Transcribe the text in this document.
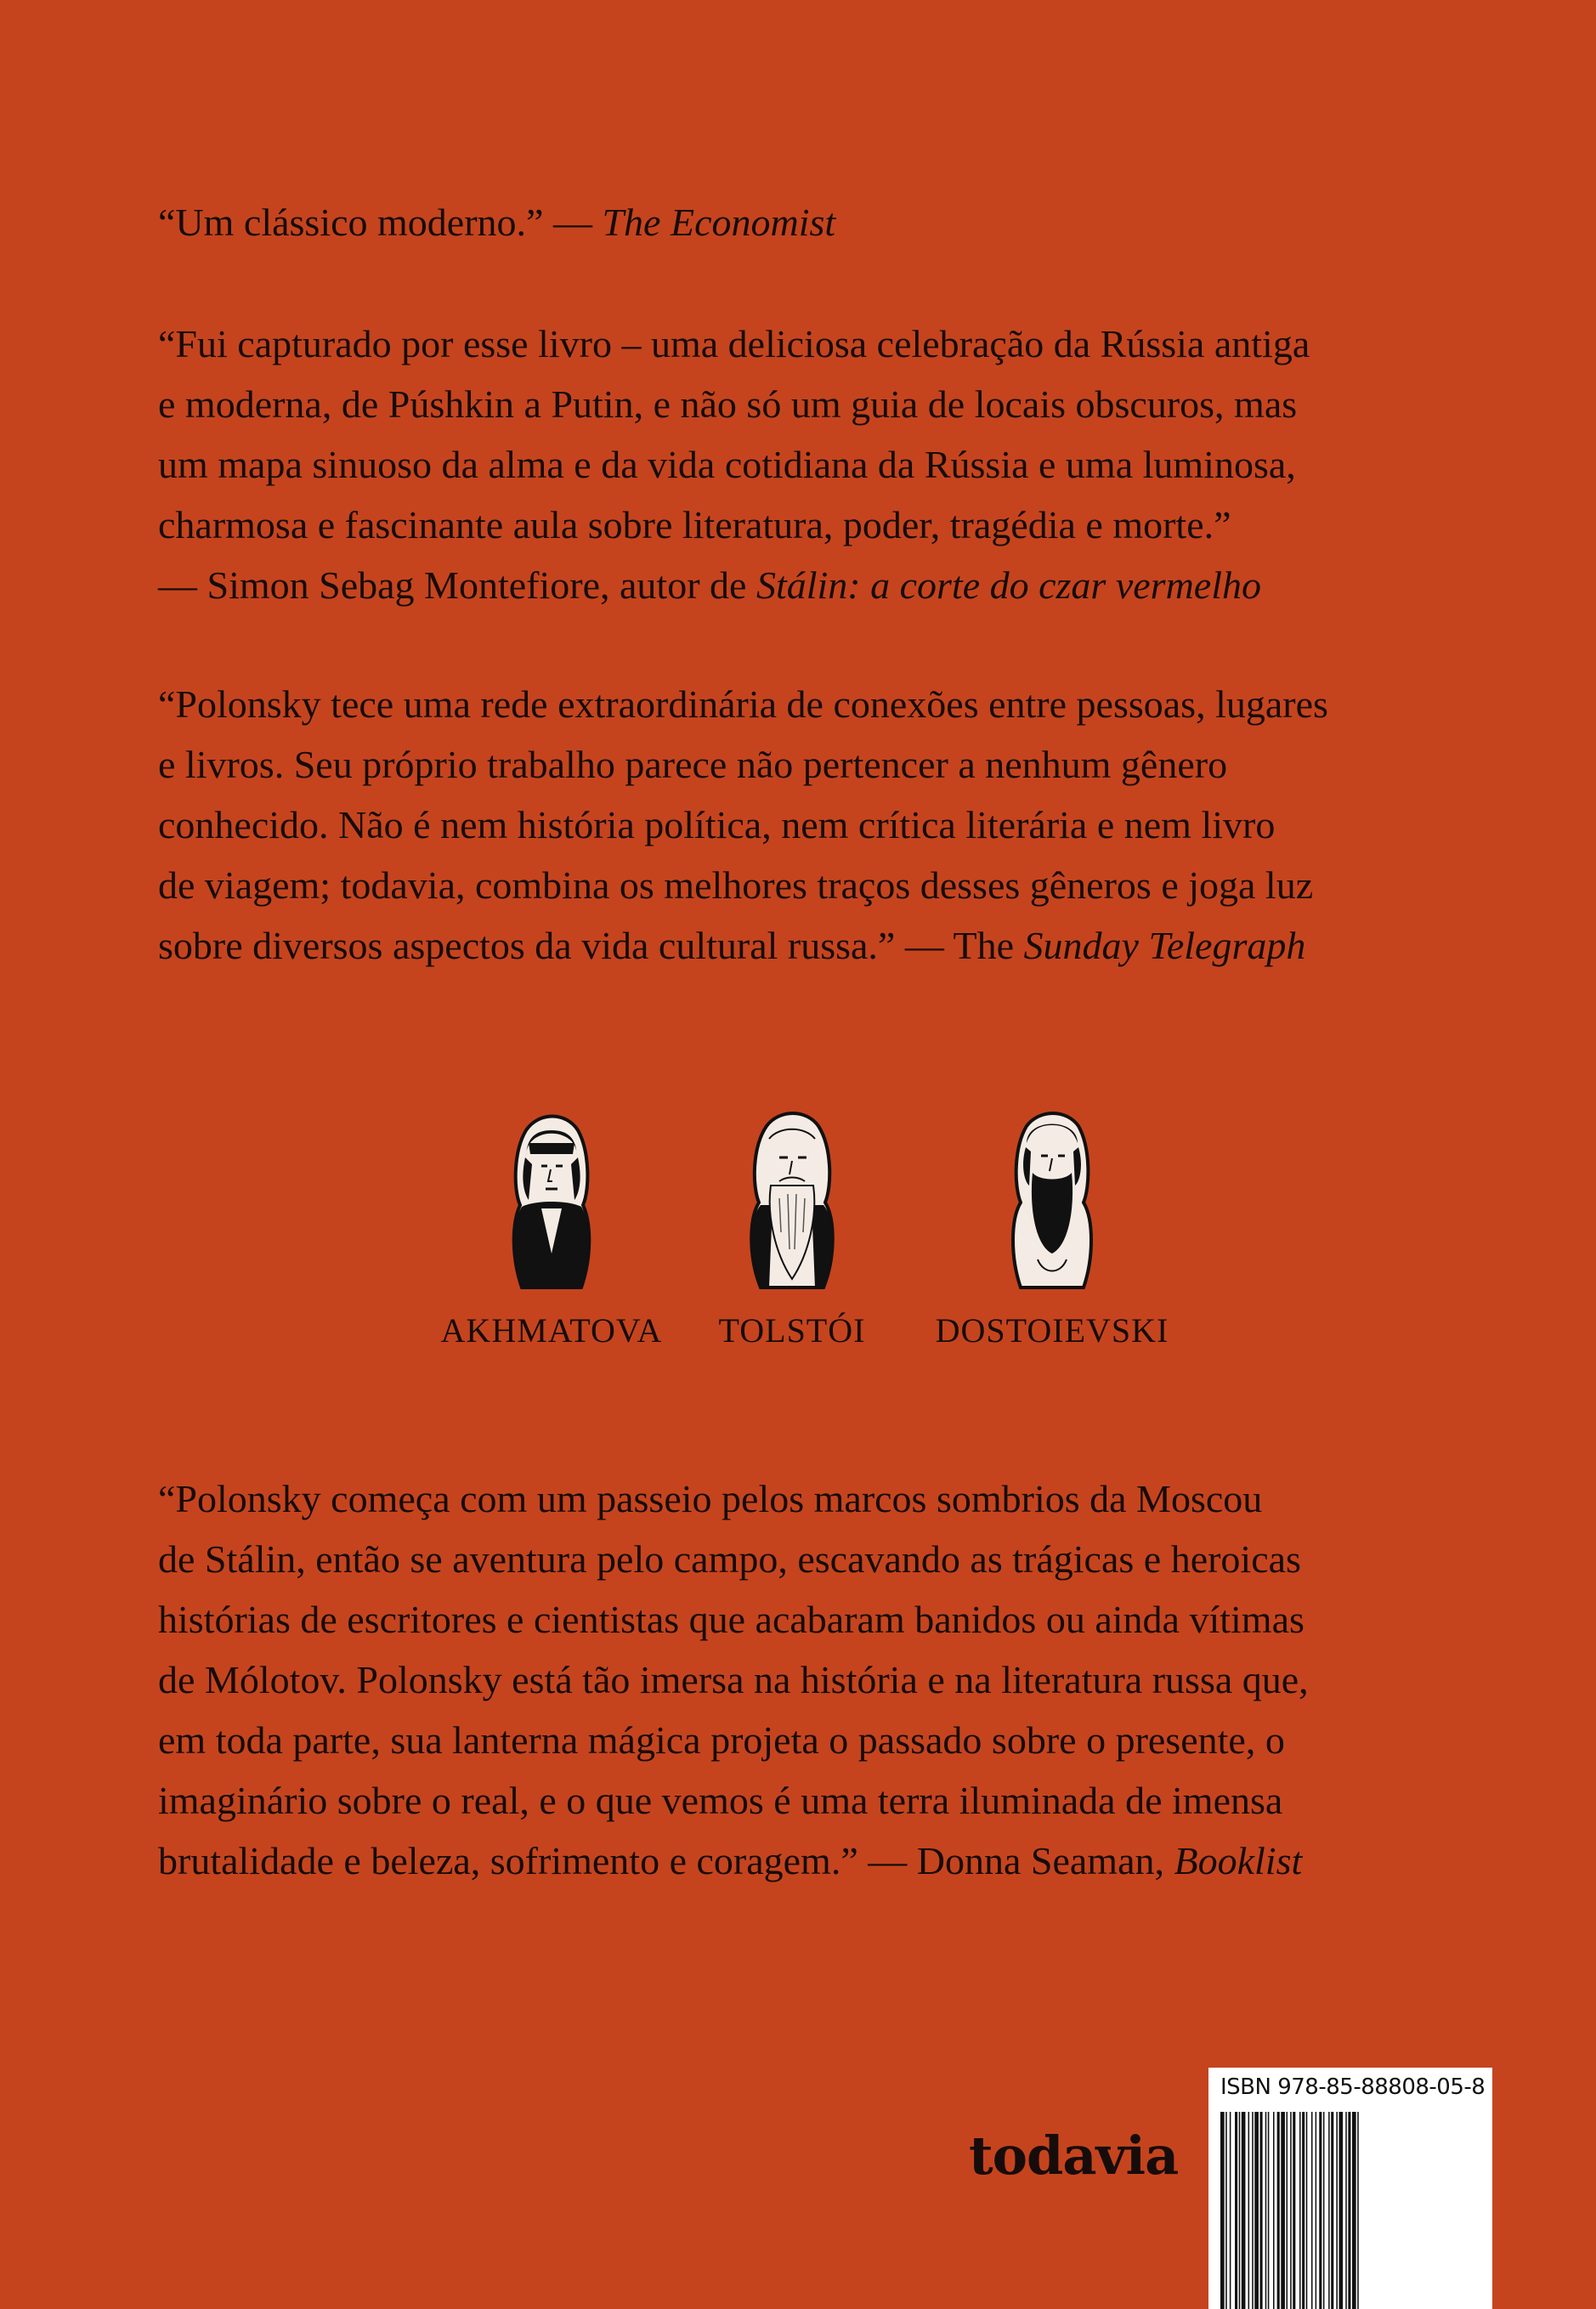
“Um clássico moderno.” — The Economist
“Fui capturado por esse livro – uma deliciosa celebração da Rússia antiga
e moderna, de Púshkin a Putin, e não só um guia de locais obscuros, mas
um mapa sinuoso da alma e da vida cotidiana da Rússia e uma luminosa,
charmosa e fascinante aula sobre literatura, poder, tragédia e morte.”
— Simon Sebag Montefiore, autor de Stálin: a corte do czar vermelho
“Polonsky tece uma rede extraordinária de conexões entre pessoas, lugares
e livros. Seu próprio trabalho parece não pertencer a nenhum gênero
conhecido. Não é nem história política, nem crítica literária e nem livro
de viagem; todavia, combina os melhores traços desses gêneros e joga luz
sobre diversos aspectos da vida cultural russa.” — The Sunday Telegraph
“Polonsky começa com um passeio pelos marcos sombrios da Moscou
de Stálin, então se aventura pelo campo, escavando as trágicas e heroicas
histórias de escritores e cientistas que acabaram banidos ou ainda vítimas
de Mólotov. Polonsky está tão imersa na história e na literatura russa que,
em toda parte, sua lanterna mágica projeta o passado sobre o presente, o
imaginário sobre o real, e o que vemos é uma terra iluminada de imensa
brutalidade e beleza, sofrimento e coragem.” — Donna Seaman, Booklist
AKHMATOVA	TOLSTÓI	DOSTOIEVSKI
todavia
ISBN 978-85-88808-05-8
